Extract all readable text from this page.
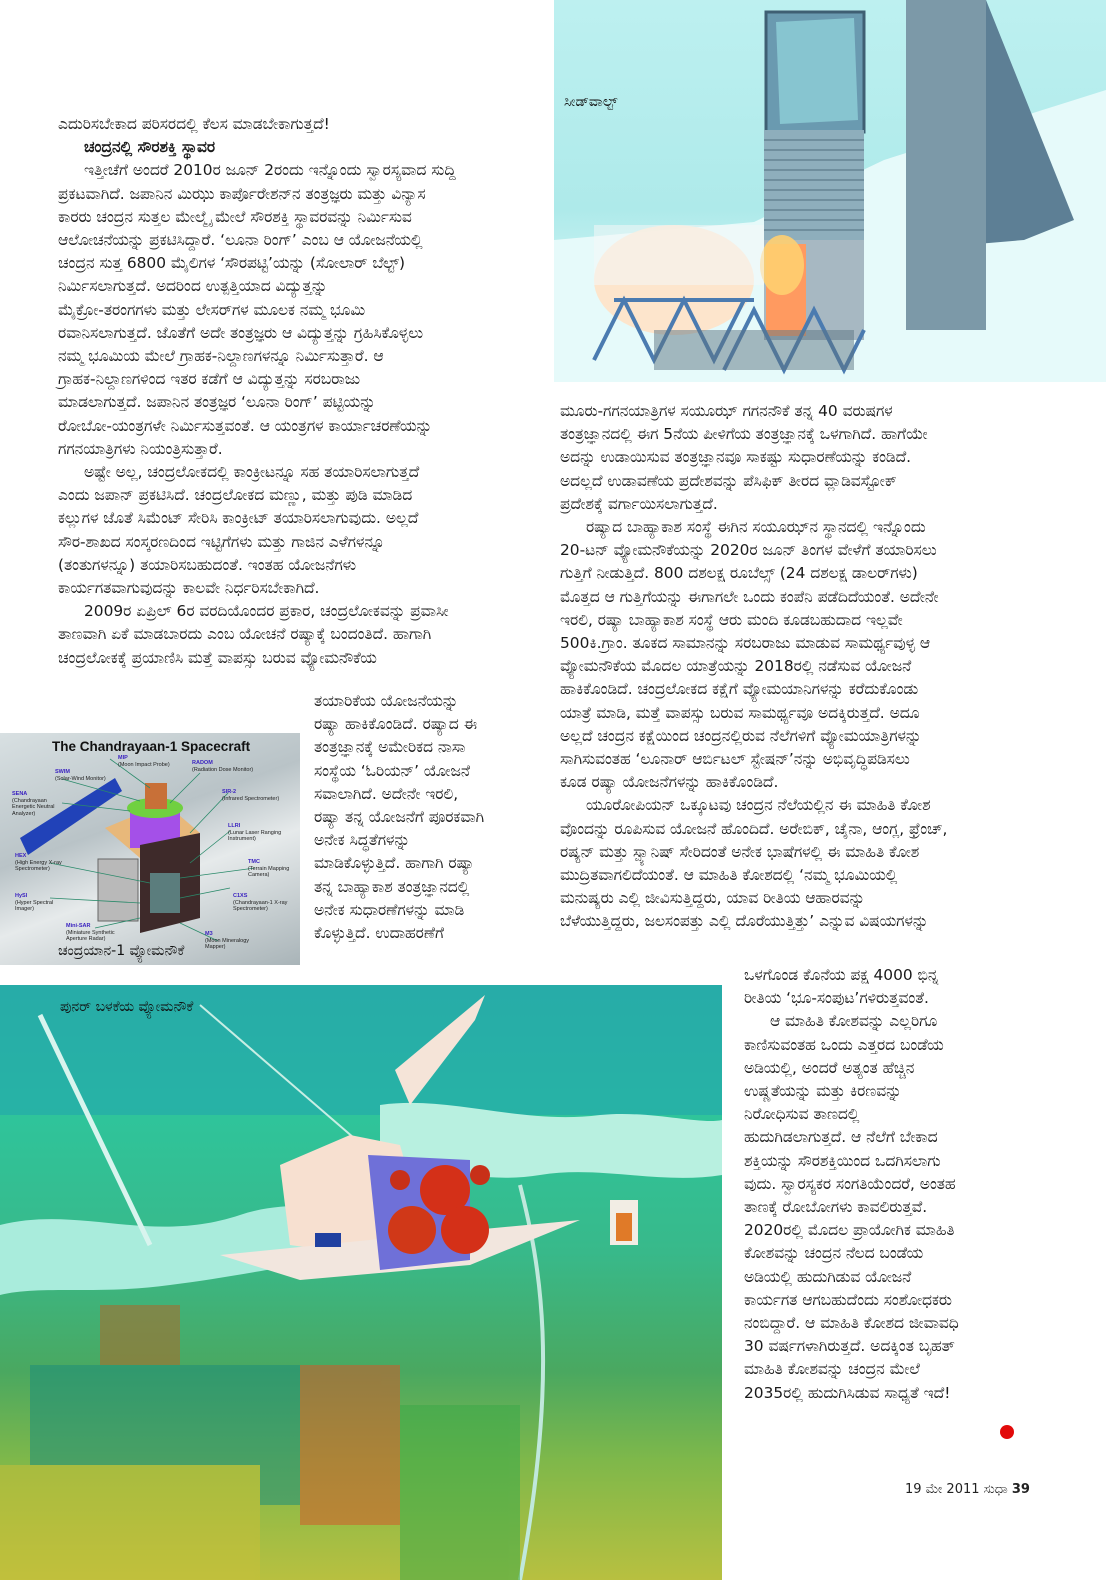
ಸೀಡ್‌ವಾಲ್ಟ್

ಎದುರಿಸಬೇಕಾದ ಪರಿಸರದಲ್ಲಿ ಕೆಲಸ ಮಾಡಬೇಕಾಗುತ್ತದೆ!

ಚಂದ್ರನಲ್ಲಿ ಸೌರಶಕ್ತಿ ಸ್ಥಾವರ

ಇತ್ತೀಚೆಗೆ ಅಂದರೆ 2010ರ ಜೂನ್ 2ರಂದು ಇನ್ನೊಂದು ಸ್ವಾರಸ್ಯವಾದ ಸುದ್ದಿ

ಪ್ರಕಟವಾಗಿದೆ. ಜಪಾನಿನ ಮಿಝು ಕಾರ್ಪೊರೇಶನ್‌ನ ತಂತ್ರಜ್ಞರು ಮತ್ತು ವಿನ್ಯಾಸ

ಕಾರರು ಚಂದ್ರನ ಸುತ್ತಲ ಮೇಲ್ಮೈ ಮೇಲೆ ಸೌರಶಕ್ತಿ ಸ್ಥಾವರವನ್ನು ನಿರ್ಮಿಸುವ

ಆಲೋಚನೆಯನ್ನು ಪ್ರಕಟಿಸಿದ್ದಾರೆ. ‘ಲೂನಾ ರಿಂಗ್’ ಎಂಬ ಆ ಯೋಜನೆಯಲ್ಲಿ

ಚಂದ್ರನ ಸುತ್ತ 6800 ಮೈಲಿಗಳ ‘ಸೌರಪಟ್ಟಿ’ಯನ್ನು (ಸೋಲಾರ್ ಬೆಲ್ಟ್)

ನಿರ್ಮಿಸಲಾಗುತ್ತದೆ. ಅದರಿಂದ ಉತ್ಪತ್ತಿಯಾದ ವಿದ್ಯುತ್ತನ್ನು

ಮೈಕ್ರೋ-ತರಂಗಗಳು ಮತ್ತು ಲೇಸರ್‌ಗಳ ಮೂಲಕ ನಮ್ಮ ಭೂಮಿ

ರವಾನಿಸಲಾಗುತ್ತದೆ. ಜೊತೆಗೆ ಅದೇ ತಂತ್ರಜ್ಞರು ಆ ವಿದ್ಯುತ್ತನ್ನು ಗ್ರಹಿಸಿಕೊಳ್ಳಲು

ನಮ್ಮ ಭೂಮಿಯ ಮೇಲೆ ಗ್ರಾಹಕ-ನಿಲ್ದಾಣಗಳನ್ನೂ ನಿರ್ಮಿಸುತ್ತಾರೆ. ಆ

ಗ್ರಾಹಕ-ನಿಲ್ದಾಣಗಳಿಂದ ಇತರ ಕಡೆಗೆ ಆ ವಿದ್ಯುತ್ತನ್ನು ಸರಬರಾಜು

ಮಾಡಲಾಗುತ್ತದೆ. ಜಪಾನಿನ ತಂತ್ರಜ್ಞರ ‘ಲೂನಾ ರಿಂಗ್’ ಪಟ್ಟಿಯನ್ನು

ರೋಬೋ-ಯಂತ್ರಗಳೇ ನಿರ್ಮಿಸುತ್ತವಂತೆ. ಆ ಯಂತ್ರಗಳ ಕಾರ್ಯಾಚರಣೆಯನ್ನು

ಗಗನಯಾತ್ರಿಗಳು ನಿಯಂತ್ರಿಸುತ್ತಾರೆ.

ಅಷ್ಟೇ ಅಲ್ಲ, ಚಂದ್ರಲೋಕದಲ್ಲಿ ಕಾಂಕ್ರೀಟನ್ನೂ ಸಹ ತಯಾರಿಸಲಾಗುತ್ತದೆ

ಎಂದು ಜಪಾನ್ ಪ್ರಕಟಿಸಿದೆ. ಚಂದ್ರಲೋಕದ ಮಣ್ಣು, ಮತ್ತು ಪುಡಿ ಮಾಡಿದ

ಕಲ್ಲುಗಳ ಜೊತೆ ಸಿಮೆಂಟ್ ಸೇರಿಸಿ ಕಾಂಕ್ರೀಟ್ ತಯಾರಿಸಲಾಗುವುದು. ಅಲ್ಲದೆ

ಸೌರ-ಶಾಖದ ಸಂಸ್ಕರಣದಿಂದ ಇಟ್ಟಿಗೆಗಳು ಮತ್ತು ಗಾಜಿನ ಎಳೆಗಳನ್ನೂ

(ತಂತುಗಳನ್ನೂ) ತಯಾರಿಸಬಹುದಂತೆ. ಇಂತಹ ಯೋಜನೆಗಳು

ಕಾರ್ಯಗತವಾಗುವುದನ್ನು ಕಾಲವೇ ನಿರ್ಧರಿಸಬೇಕಾಗಿದೆ.

2009ರ ಏಪ್ರಿಲ್ 6ರ ವರದಿಯೊಂದರ ಪ್ರಕಾರ, ಚಂದ್ರಲೋಕವನ್ನು ಪ್ರವಾಸೀ

ತಾಣವಾಗಿ ಏಕೆ ಮಾಡಬಾರದು ಎಂಬ ಯೋಚನೆ ರಷ್ಯಾಕ್ಕೆ ಬಂದಂತಿದೆ. ಹಾಗಾಗಿ

ಚಂದ್ರಲೋಕಕ್ಕೆ ಪ್ರಯಾಣಿಸಿ ಮತ್ತೆ ವಾಪಸ್ಸು ಬರುವ ವ್ಯೋಮನೌಕೆಯ

ತಯಾರಿಕೆಯ ಯೋಜನೆಯನ್ನು

ರಷ್ಯಾ ಹಾಕಿಕೊಂಡಿದೆ. ರಷ್ಯಾದ ಈ

ತಂತ್ರಜ್ಞಾನಕ್ಕೆ ಅಮೇರಿಕದ ನಾಸಾ

ಸಂಸ್ಥೆಯ ‘ಓರಿಯನ್’ ಯೋಜನೆ

ಸವಾಲಾಗಿದೆ. ಅದೇನೇ ಇರಲಿ,

ರಷ್ಯಾ ತನ್ನ ಯೋಜನೆಗೆ ಪೂರಕವಾಗಿ

ಅನೇಕ ಸಿದ್ಧತೆಗಳನ್ನು

ಮಾಡಿಕೊಳ್ಳುತ್ತಿದೆ. ಹಾಗಾಗಿ ರಷ್ಯಾ

ತನ್ನ ಬಾಹ್ಯಾಕಾಶ ತಂತ್ರಜ್ಞಾನದಲ್ಲಿ

ಅನೇಕ ಸುಧಾರಣೆಗಳನ್ನು ಮಾಡಿ

ಕೊಳ್ಳುತ್ತಿದೆ. ಉದಾಹರಣೆಗೆ

The Chandrayaan-1 Spacecraft
MIP
(Moon Impact Probe)
SWIM
(Solar-Wind Monitor)
RADOM
(Radiation Dose Monitor)
SENA
(Chandrayaan Energetic Neutral Analyzer)
SIR-2
(Infrared Spectrometer)
LLRI
(Lunar Laser Ranging Instrument)
HEX
(High Energy X-ray Spectrometer)
TMC
(Terrain Mapping Camera)
HySI
(Hyper Spectral Imager)
C1XS
(Chandrayaan-1 X-ray Spectrometer)
Mini-SAR
(Miniature Synthetic Aperture Radar)
M3
(Moon Mineralogy Mapper)
ಚಂದ್ರಯಾನ-1 ವ್ಯೋಮನೌಕೆ

ಮೂರು-ಗಗನಯಾತ್ರಿಗಳ ಸಯೂಝ್ ಗಗನನೌಕೆ ತನ್ನ 40 ವರುಷಗಳ

ತಂತ್ರಜ್ಞಾನದಲ್ಲಿ ಈಗ 5ನೆಯ ಪೀಳಿಗೆಯ ತಂತ್ರಜ್ಞಾನಕ್ಕೆ ಒಳಗಾಗಿದೆ. ಹಾಗೆಯೇ

ಅದನ್ನು ಉಡಾಯಿಸುವ ತಂತ್ರಜ್ಞಾನವೂ ಸಾಕಷ್ಟು ಸುಧಾರಣೆಯನ್ನು ಕಂಡಿದೆ.

ಅದಲ್ಲದೆ ಉಡಾವಣೆಯ ಪ್ರದೇಶವನ್ನು ಪೆಸಿಫಿಕ್ ತೀರದ ವ್ಲಾಡಿವಸ್ಟೋಕ್

ಪ್ರದೇಶಕ್ಕೆ ವರ್ಗಾಯಿಸಲಾಗುತ್ತದೆ.

ರಷ್ಯಾದ ಬಾಹ್ಯಾಕಾಶ ಸಂಸ್ಥೆ ಈಗಿನ ಸಯೂಝ್‌ನ ಸ್ಥಾನದಲ್ಲಿ ಇನ್ನೊಂದು

20-ಟನ್ ವ್ಯೋಮನೌಕೆಯನ್ನು 2020ರ ಜೂನ್ ತಿಂಗಳ ವೇಳೆಗೆ ತಯಾರಿಸಲು

ಗುತ್ತಿಗೆ ನೀಡುತ್ತಿದೆ. 800 ದಶಲಕ್ಷ ರೂಬೆಲ್ಸ್ (24 ದಶಲಕ್ಷ ಡಾಲರ್‌ಗಳು)

ಮೊತ್ತದ ಆ ಗುತ್ತಿಗೆಯನ್ನು ಈಗಾಗಲೇ ಒಂದು ಕಂಪೆನಿ ಪಡೆದಿದೆಯಂತೆ. ಅದೇನೇ

ಇರಲಿ, ರಷ್ಯಾ ಬಾಹ್ಯಾಕಾಶ ಸಂಸ್ಥೆ ಆರು ಮಂದಿ ಕೂಡಬಹುದಾದ ಇಲ್ಲವೇ

500ಕಿ.ಗ್ರಾಂ. ತೂಕದ ಸಾಮಾನನ್ನು ಸರಬರಾಜು ಮಾಡುವ ಸಾಮರ್ಥ್ಯವುಳ್ಳ ಆ

ವ್ಯೋಮನೌಕೆಯ ಮೊದಲ ಯಾತ್ರೆಯನ್ನು 2018ರಲ್ಲಿ ನಡೆಸುವ ಯೋಜನೆ

ಹಾಕಿಕೊಂಡಿದೆ. ಚಂದ್ರಲೋಕದ ಕಕ್ಷೆಗೆ ವ್ಯೋಮಯಾನಿಗಳನ್ನು ಕರೆದುಕೊಂಡು

ಯಾತ್ರೆ ಮಾಡಿ, ಮತ್ತೆ ವಾಪಸ್ಸು ಬರುವ ಸಾಮರ್ಥ್ಯವೂ ಅದಕ್ಕಿರುತ್ತದೆ. ಅದೂ

ಅಲ್ಲದೆ ಚಂದ್ರನ ಕಕ್ಷೆಯಿಂದ ಚಂದ್ರನಲ್ಲಿರುವ ನೆಲೆಗಳಿಗೆ ವ್ಯೋಮಯಾತ್ರಿಗಳನ್ನು

ಸಾಗಿಸುವಂತಹ ‘ಲೂನಾರ್ ಆರ್ಬಿಟಲ್ ಸ್ಟೇಷನ್’ನನ್ನು ಅಭಿವೃದ್ಧಿಪಡಿಸಲು

ಕೂಡ ರಷ್ಯಾ ಯೋಜನೆಗಳನ್ನು ಹಾಕಿಕೊಂಡಿದೆ.

ಯೂರೋಪಿಯನ್ ಒಕ್ಕೂಟವು ಚಂದ್ರನ ನೆಲೆಯಲ್ಲಿನ ಈ ಮಾಹಿತಿ ಕೋಶ

ವೊಂದನ್ನು ರೂಪಿಸುವ ಯೋಜನೆ ಹೊಂದಿದೆ. ಅರೇಬಿಕ್, ಚೈನಾ, ಆಂಗ್ಲ, ಫ್ರೆಂಚ್,

ರಷ್ಯನ್ ಮತ್ತು ಸ್ಪ್ಯಾನಿಷ್ ಸೇರಿದಂತೆ ಅನೇಕ ಭಾಷೆಗಳಲ್ಲಿ ಈ ಮಾಹಿತಿ ಕೋಶ

ಮುದ್ರಿತವಾಗಲಿದೆಯಂತೆ. ಆ ಮಾಹಿತಿ ಕೋಶದಲ್ಲಿ ‘ನಮ್ಮ ಭೂಮಿಯಲ್ಲಿ

ಮನುಷ್ಯರು ಎಲ್ಲಿ ಜೀವಿಸುತ್ತಿದ್ದರು, ಯಾವ ರೀತಿಯ ಆಹಾರವನ್ನು

ಬೆಳೆಯುತ್ತಿದ್ದರು, ಜಲಸಂಪತ್ತು ಎಲ್ಲಿ ದೊರೆಯುತ್ತಿತ್ತು’ ಎನ್ನುವ ವಿಷಯಗಳನ್ನು

ಒಳಗೊಂಡ ಕೊನೆಯ ಪಕ್ಷ 4000 ಭಿನ್ನ

ರೀತಿಯ ‘ಭೂ-ಸಂಪುಟ’ಗಳಿರುತ್ತವಂತೆ.

ಆ ಮಾಹಿತಿ ಕೋಶವನ್ನು ಎಲ್ಲರಿಗೂ

ಕಾಣಿಸುವಂತಹ ಒಂದು ಎತ್ತರದ ಬಂಡೆಯ

ಅಡಿಯಲ್ಲಿ, ಅಂದರೆ ಅತ್ಯಂತ ಹೆಚ್ಚಿನ

ಉಷ್ಣತೆಯನ್ನು ಮತ್ತು ಕಿರಣವನ್ನು

ನಿರೋಧಿಸುವ ತಾಣದಲ್ಲಿ

ಹುದುಗಿಡಲಾಗುತ್ತದೆ. ಆ ನೆಲೆಗೆ ಬೇಕಾದ

ಶಕ್ತಿಯನ್ನು ಸೌರಶಕ್ತಿಯಿಂದ ಒದಗಿಸಲಾಗು

ವುದು. ಸ್ವಾರಸ್ಯಕರ ಸಂಗತಿಯೆಂದರೆ, ಅಂತಹ

ತಾಣಕ್ಕೆ ರೋಬೋಗಳು ಕಾವಲಿರುತ್ತವೆ.

2020ರಲ್ಲಿ ಮೊದಲ ಪ್ರಾಯೋಗಿಕ ಮಾಹಿತಿ

ಕೋಶವನ್ನು ಚಂದ್ರನ ನೆಲದ ಬಂಡೆಯ

ಅಡಿಯಲ್ಲಿ ಹುದುಗಿಡುವ ಯೋಜನೆ

ಕಾರ್ಯಗತ ಆಗಬಹುದೆಂದು ಸಂಶೋಧಕರು

ನಂಬಿದ್ದಾರೆ. ಆ ಮಾಹಿತಿ ಕೋಶದ ಜೀವಾವಧಿ

30 ವರ್ಷಗಳಾಗಿರುತ್ತದೆ. ಅದಕ್ಕಿಂತ ಬೃಹತ್

ಮಾಹಿತಿ ಕೋಶವನ್ನು ಚಂದ್ರನ ಮೇಲೆ

2035ರಲ್ಲಿ ಹುದುಗಿಸಿಡುವ ಸಾಧ್ಯತೆ ಇದೆ!

ಪುನರ್ ಬಳಕೆಯ ವ್ಯೋಮನೌಕೆ
19 ಮೇ 2011 ಸುಧಾ 39
